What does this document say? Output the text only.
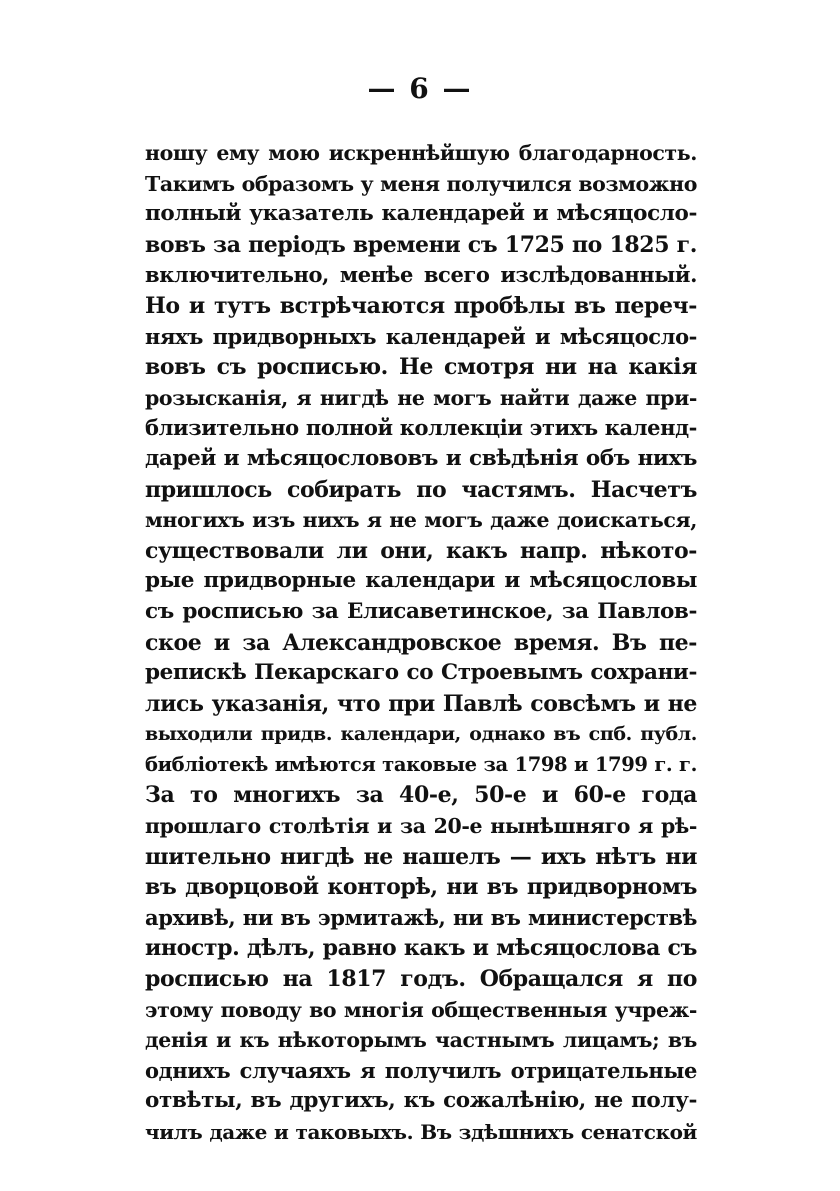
— 6 —
ношу ему мою искреннѣйшую благодарность.
Такимъ образомъ у меня получился возможно
полный указатель календарей и мѣсяцосло-
вовъ за періодъ времени съ 1725 по 1825 г.
включительно, менѣе всего изслѣдованный.
Но и тутъ встрѣчаются пробѣлы въ переч-
няхъ придворныхъ календарей и мѣсяцосло-
вовъ съ росписью. Не смотря ни на какія
розысканія, я нигдѣ не могъ найти даже при-
близительно полной коллекціи этихъ календ-
дарей и мѣсяцослововъ и свѣдѣнія объ нихъ
пришлось собирать по частямъ. Насчетъ
многихъ изъ нихъ я не могъ даже доискаться,
существовали ли они, какъ напр. нѣкото-
рые придворные календари и мѣсяцословы
съ росписью за Елисаветинское, за Павлов-
ское и за Александровское время. Въ пе-
репискѣ Пекарскаго со Строевымъ сохрани-
лись указанія, что при Павлѣ совсѣмъ и не
выходили придв. календари, однако въ спб. публ.
библіотекѣ имѣются таковые за 1798 и 1799 г. г.
За то многихъ за 40-е, 50-е и 60-е года
прошлаго столѣтія и за 20-е нынѣшняго я рѣ-
шительно нигдѣ не нашелъ — ихъ нѣтъ ни
въ дворцовой конторѣ, ни въ придворномъ
архивѣ, ни въ эрмитажѣ, ни въ министерствѣ
иностр. дѣлъ, равно какъ и мѣсяцослова съ
росписью на 1817 годъ. Обращался я по
этому поводу во многія общественныя учреж-
денія и къ нѣкоторымъ частнымъ лицамъ; въ
однихъ случаяхъ я получилъ отрицательные
отвѣты, въ другихъ, къ сожалѣнію, не полу-
чилъ даже и таковыхъ. Въ здѣшнихъ сенатской
